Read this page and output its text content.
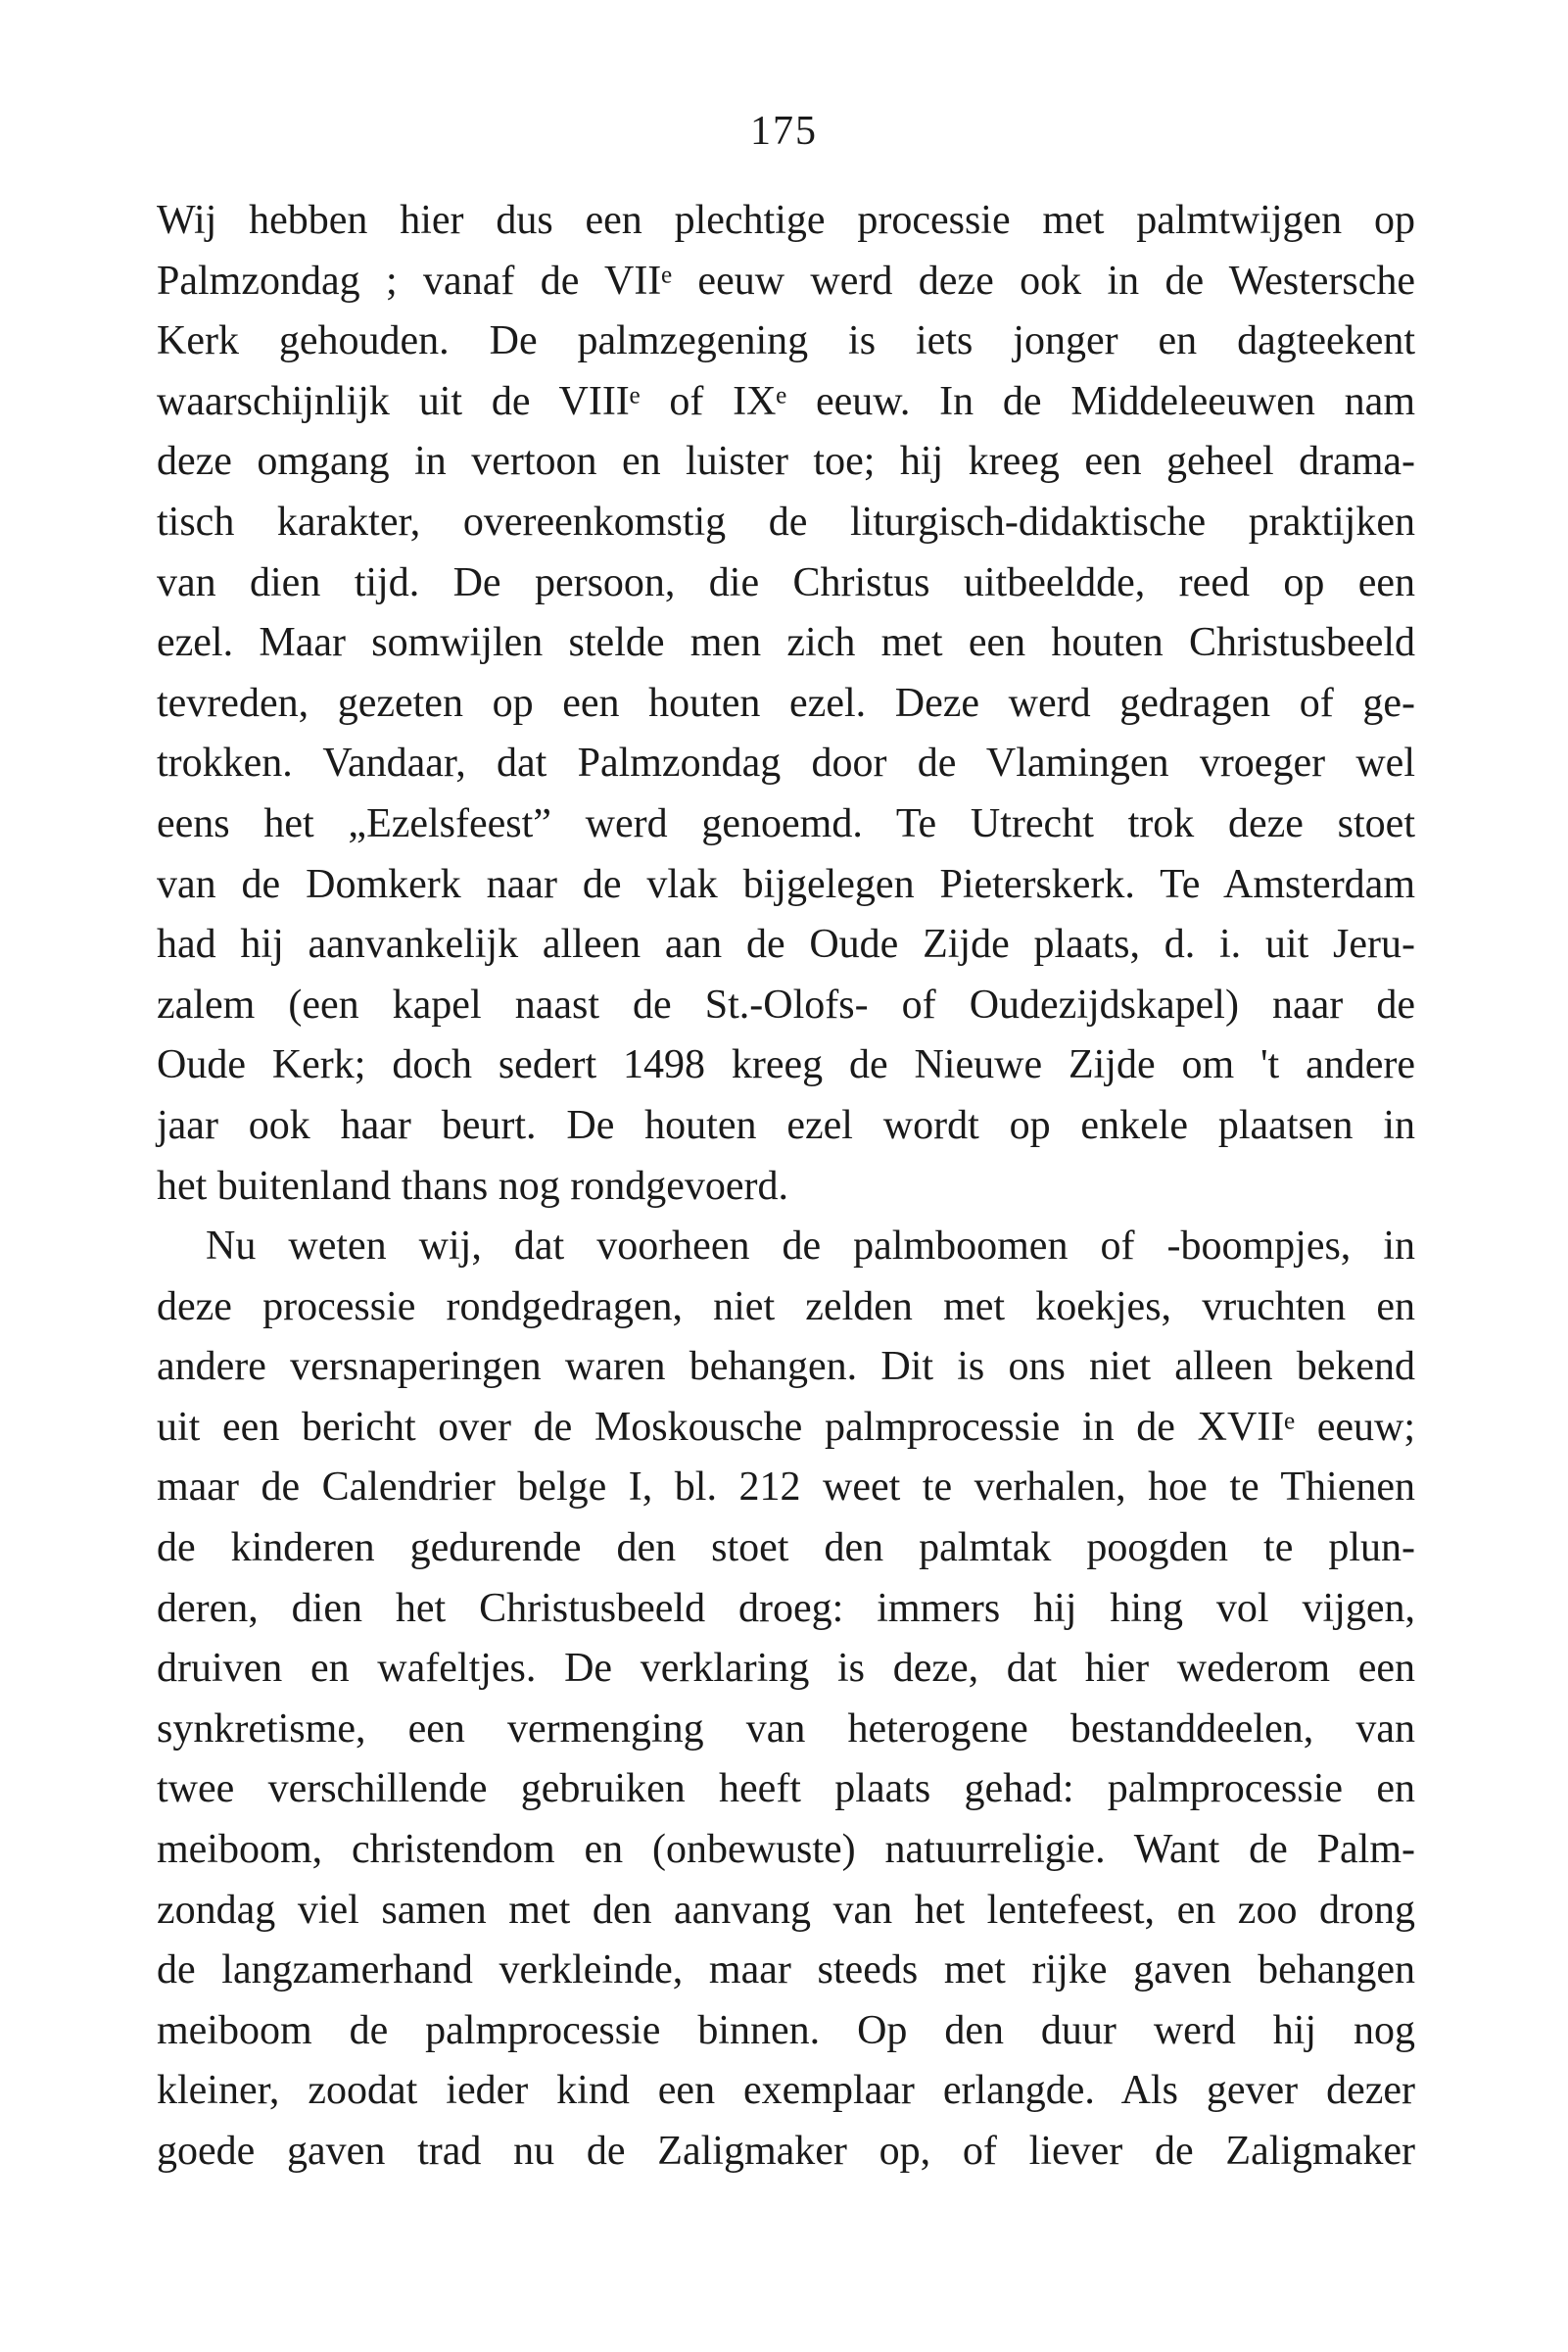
175
Wij hebben hier dus een plechtige processie met palmtwijgen op
Palmzondag ; vanaf de VIIᵉ eeuw werd deze ook in de Westersche
Kerk gehouden. De palmzegening is iets jonger en dagteekent
waarschijnlijk uit de VIIIᵉ of IXᵉ eeuw. In de Middeleeuwen nam
deze omgang in vertoon en luister toe; hij kreeg een geheel drama-
tisch karakter, overeenkomstig de liturgisch-didaktische praktijken
van dien tijd. De persoon, die Christus uitbeeldde, reed op een
ezel. Maar somwijlen stelde men zich met een houten Christusbeeld
tevreden, gezeten op een houten ezel. Deze werd gedragen of ge-
trokken. Vandaar, dat Palmzondag door de Vlamingen vroeger wel
eens het „Ezelsfeest” werd genoemd. Te Utrecht trok deze stoet
van de Domkerk naar de vlak bijgelegen Pieterskerk. Te Amsterdam
had hij aanvankelijk alleen aan de Oude Zijde plaats, d. i. uit Jeru-
zalem (een kapel naast de St.-Olofs- of Oudezijdskapel) naar de
Oude Kerk; doch sedert 1498 kreeg de Nieuwe Zijde om 't andere
jaar ook haar beurt. De houten ezel wordt op enkele plaatsen in
het buitenland thans nog rondgevoerd.
Nu weten wij, dat voorheen de palmboomen of -boompjes, in
deze processie rondgedragen, niet zelden met koekjes, vruchten en
andere versnaperingen waren behangen. Dit is ons niet alleen bekend
uit een bericht over de Moskousche palmprocessie in de XVIIᵉ eeuw;
maar de Calendrier belge I, bl. 212 weet te verhalen, hoe te Thienen
de kinderen gedurende den stoet den palmtak poogden te plun-
deren, dien het Christusbeeld droeg: immers hij hing vol vijgen,
druiven en wafeltjes. De verklaring is deze, dat hier wederom een
synkretisme, een vermenging van heterogene bestanddeelen, van
twee verschillende gebruiken heeft plaats gehad: palmprocessie en
meiboom, christendom en (onbewuste) natuurreligie. Want de Palm-
zondag viel samen met den aanvang van het lentefeest, en zoo drong
de langzamerhand verkleinde, maar steeds met rijke gaven behangen
meiboom de palmprocessie binnen. Op den duur werd hij nog
kleiner, zoodat ieder kind een exemplaar erlangde. Als gever dezer
goede gaven trad nu de Zaligmaker op, of liever de Zaligmaker
